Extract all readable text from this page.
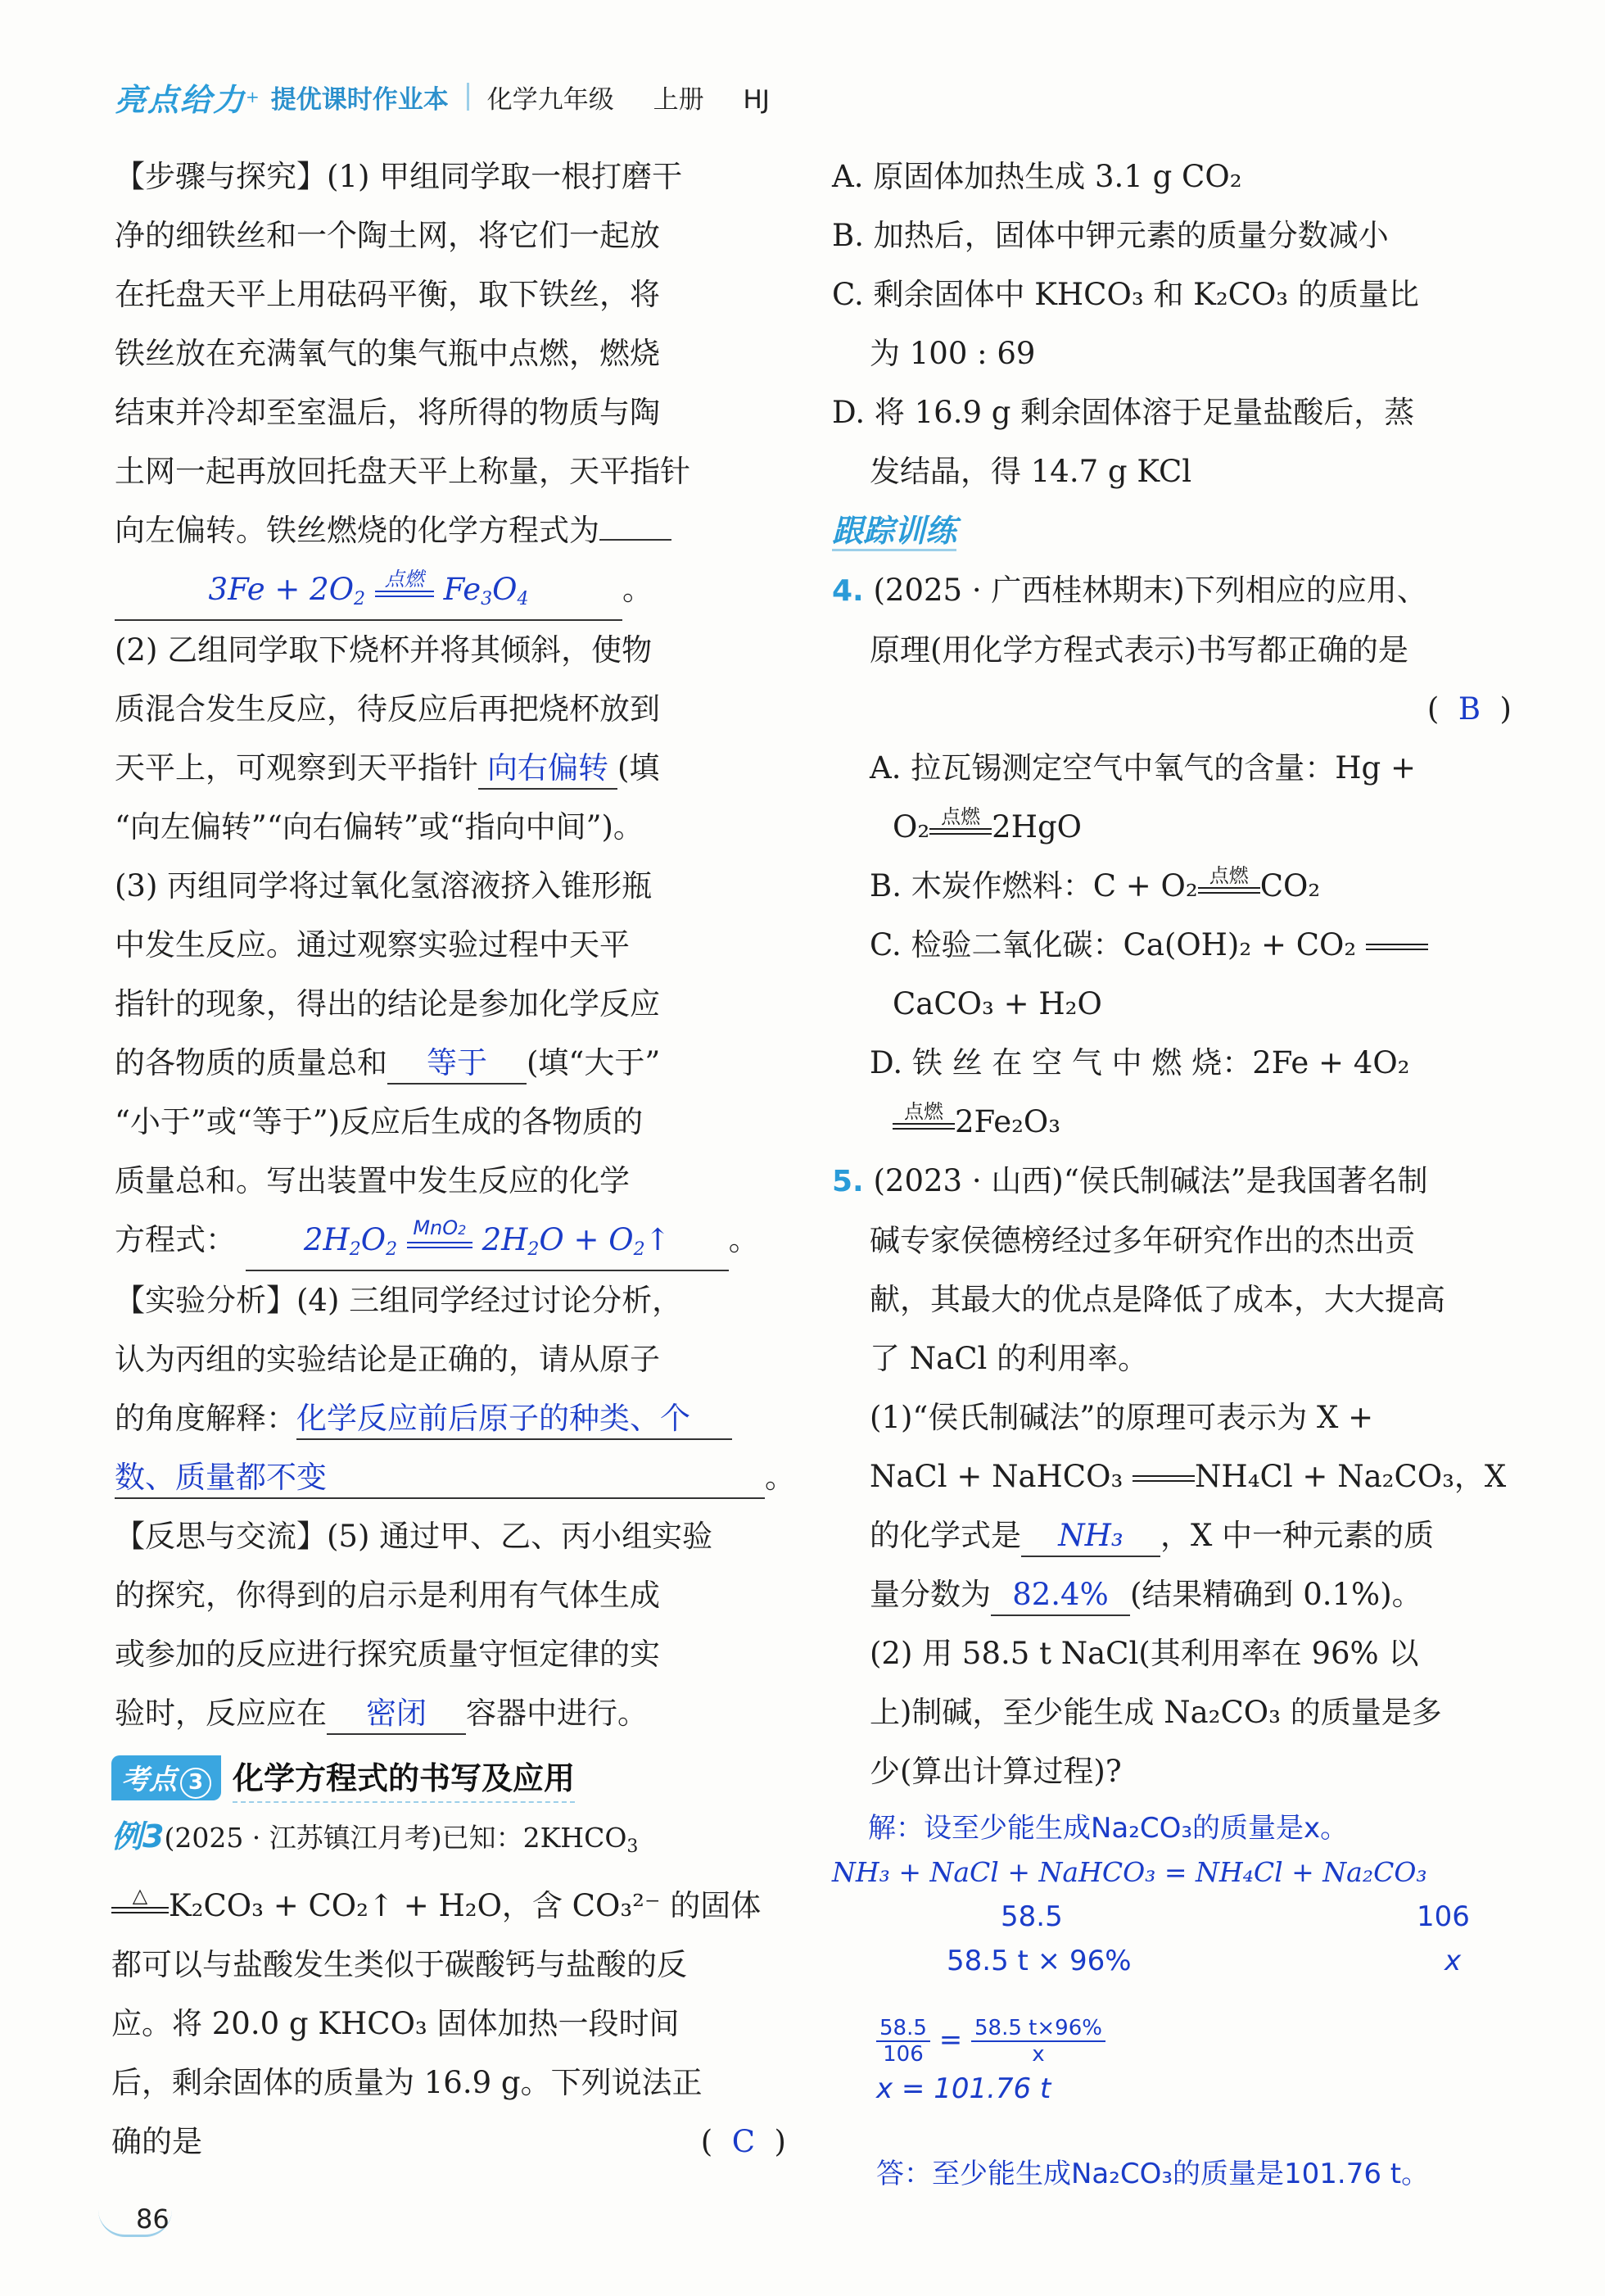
亮点给力 + 提优课时作业本 化学九年级 上册 HJ
【步骤与探究】(1) 甲组同学取一根打磨干
净的细铁丝和一个陶土网，将它们一起放
在托盘天平上用砝码平衡，取下铁丝，将
铁丝放在充满氧气的集气瓶中点燃，燃烧
结束并冷却至室温后，将所得的物质与陶
土网一起再放回托盘天平上称量，天平指针
向左偏转。铁丝燃烧的化学方程式为
$3Fe + 2O_2$
点燃 $Fe_3O_4$	。
(2) 乙组同学取下烧杯并将其倾斜，使物
质混合发生反应，待反应后再把烧杯放到
天平上，可观察到天平指针 向右偏转 (填
“向左偏转”“向右偏转”或“指向中间”)。
(3) 丙组同学将过氧化氢溶液挤入锥形瓶
中发生反应。通过观察实验过程中天平
指针的现象，得出的结论是参加化学反应
的各物质的质量总和 等于 (填“大于”
“小于”或“等于”)反应后生成的各物质的
质量总和。写出装置中发生反应的化学
方程式： $2H_2O_2$
MnO2 $2H_2O$ + $O_2↑$ 。
【实验分析】(4) 三组同学经过讨论分析，
认为丙组的实验结论是正确的，请从原子
的角度解释：化学反应前后原子的种类、个
数、质量都不变	。
【反思与交流】(5) 通过甲、乙、丙小组实验
的探究，你得到的启示是利用有气体生成
或参加的反应进行探究质量守恒定律的实
验时，反应应在 密闭 容器中进行。
考点 3 化学方程式的书写及应用
例3(2025 · 江苏镇江月考)已知：$2KHCO_3$
△ K₂CO₃ + CO₂↑ + H₂O，含 CO₃²⁻ 的固体
都可以与盐酸发生类似于碳酸钙与盐酸的反
应。将 20.0 g KHCO₃ 固体加热一段时间
后，剩余固体的质量为 16.9 g。下列说法正
确的是	(  C  )
A. 原固体加热生成 3.1 g CO₂
B. 加热后，固体中钾元素的质量分数减小
C. 剩余固体中 KHCO₃ 和 K₂CO₃ 的质量比
为 100 : 69
D. 将 16.9 g 剩余固体溶于足量盐酸后，蒸
发结晶，得 14.7 g KCl
跟踪训练
4. (2025 · 广西桂林期末)下列相应的应用、
原理(用化学方程式表示)书写都正确的是
(  B  )

A. 拉瓦锡测定空气中氧气的含量：Hg +
O₂ 点燃 2HgO
B. 木炭作燃料：C + O₂ 点燃 CO₂
C. 检验二氧化碳：Ca(OH)₂ + CO₂
CaCO₃ + H₂O
D. 铁 丝 在 空 气 中 燃 烧：2Fe + 4O₂
点燃 2Fe₂O₃
5. (2023 · 山西)“侯氏制碱法”是我国著名制
碱专家侯德榜经过多年研究作出的杰出贡
献，其最大的优点是降低了成本，大大提高
了 NaCl 的利用率。
(1)“侯氏制碱法”的原理可表示为 X +
NaCl + NaHCO₃ NH₄Cl + Na₂CO₃，X
的化学式是 NH₃ ，X 中一种元素的质
量分数为 82.4% (结果精确到 0.1%)。
(2) 用 58.5 t NaCl(其利用率在 96% 以
上)制碱，至少能生成 Na₂CO₃ 的质量是多
少(算出计算过程)?
解：设至少能生成Na₂CO₃的质量是x。
NH₃ + NaCl + NaHCO₃ = NH₄Cl + Na₂CO₃
58.5	106
58.5 t × 96%	x
$\frac{58.5}{106} = \frac{58.5 t\times 96\%}{x}$
x = 101.76 t
答：至少能生成Na₂CO₃的质量是101.76 t。
86
